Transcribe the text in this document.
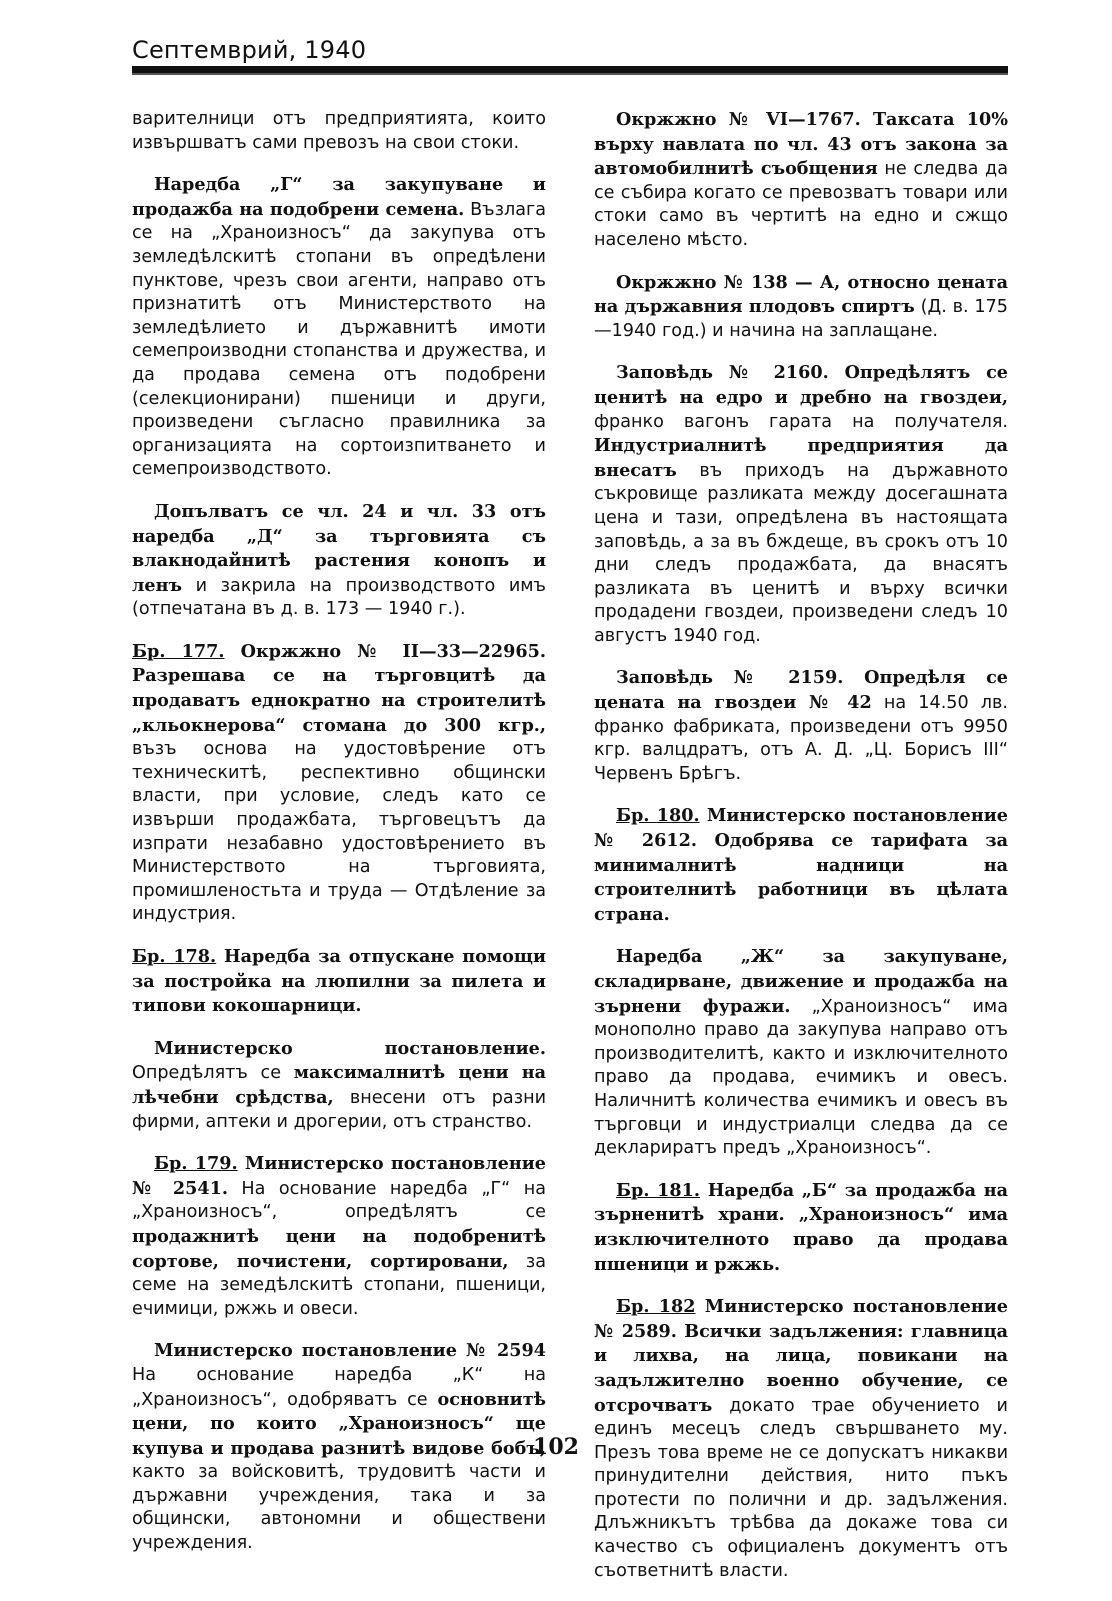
Септемврий, 1940

варителници отъ предприятията, които извършватъ сами превозъ на свои стоки.

Наредба „Г“ за закупуване и продажба на подобрени семена. Възлага се на „Храноизносъ“ да закупува отъ земледѣлскитѣ стопани въ опредѣлени пунктове, чрезъ свои агенти, направо отъ признатитѣ отъ Министерството на земледѣлието и държавнитѣ имоти семепроизводни стопанства и дружества, и да продава семена отъ подобрени (селекционирани) пшеници и други, произведени съгласно правилника за организацията на сортоизпитването и семепроизводството.

Допълватъ се чл. 24 и чл. 33 отъ наредба „Д“ за търговията съ влакнодайнитѣ растения конопъ и ленъ и закрила на производството имъ (отпечатана въ д. в. 173 — 1940 г.).

Бр. 177. Окржжно № II—33—22965. Разрешава се на търговцитѣ да продаватъ еднократно на строителитѣ „кльокнерова“ стомана до 300 кгр., възъ основа на удостовѣрение отъ техническитѣ, респективно общински власти, при условие, следъ като се извърши продажбата, търговецътъ да изпрати незабавно удостовѣрението въ Министерството на търговията, промишленостьта и труда — Отдѣление за индустрия.

Бр. 178. Наредба за отпускане помощи за постройка на люпилни за пилета и типови кокошарници.

Министерско постановление. Опредѣлятъ се максималнитѣ цени на лѣчебни срѣдства, внесени отъ разни фирми, аптеки и дрогерии, отъ странство.

Бр. 179. Министерско постановление № 2541. На основание наредба „Г“ на „Храноизносъ“, опредѣлятъ се продажнитѣ цени на подобренитѣ сортове, почистени, сортировани, за семе на земедѣлскитѣ стопани, пшеници, ечимици, ржжь и овеси.

Министерско постановление № 2594 На основание наредба „К“ на „Храноизносъ“, одобряватъ се основнитѣ цени, по които „Храноизносъ“ ще купува и продава разнитѣ видове бобъ, както за войсковитѣ, трудовитѣ части и държавни учреждения, така и за общински, автономни и обществени учреждения.

Окржжно № VI—1767. Таксата 10% върху навлата по чл. 43 отъ закона за автомобилнитѣ съобщения не следва да се събира когато се превозватъ товари или стоки само въ чертитѣ на едно и сжщо населено мѣсто.

Окржжно № 138 — А, относно цената на държавния плодовъ спиртъ (Д. в. 175—1940 год.) и начина на заплащане.

Заповѣдь № 2160. Опредѣлятъ се ценитѣ на едро и дребно на гвоздеи, франко вагонъ гарата на получателя. Индустриалнитѣ предприятия да внесатъ въ приходъ на държавното съкровище разликата между досегашната цена и тази, опредѣлена въ настоящата заповѣдь, а за въ бждеще, въ срокъ отъ 10 дни следъ продажбата, да внасятъ разликата въ ценитѣ и върху всички продадени гвоздеи, произведени следъ 10 августъ 1940 год.

Заповѣдь № 2159. Опредѣля се цената на гвоздеи № 42 на 14.50 лв. франко фабриката, произведени отъ 9950 кгр. валцдратъ, отъ А. Д. „Ц. Борисъ III“ Червенъ Брѣгъ.

Бр. 180. Министерско постановление № 2612. Одобрява се тарифата за минималнитѣ надници на строителнитѣ работници въ цѣлата страна.

Наредба „Ж“ за закупуване, складирване, движение и продажба на зърнени фуражи. „Храноизносъ“ има монополно право да закупува направо отъ производителитѣ, както и изключителното право да продава, ечимикъ и овесъ. Наличнитѣ количества ечимикъ и овесъ въ търговци и индустриалци следва да се деклариратъ предъ „Храноизносъ“.

Бр. 181. Наредба „Б“ за продажба на зърненитѣ храни. „Храноизносъ“ има изключителното право да продава пшеници и ржжь.

Бр. 182 Министерско постановление № 2589. Всички задължения: главница и лихва, на лица, повикани на задължително военно обучение, се отсрочватъ докато трае обучението и единъ месецъ следъ свършването му. Презъ това време не се допускатъ никакви принудителни действия, нито пъкъ протести по полични и др. задължения. Длъжникътъ трѣбва да докаже това си качество съ официаленъ документъ отъ съответнитѣ власти.

102
